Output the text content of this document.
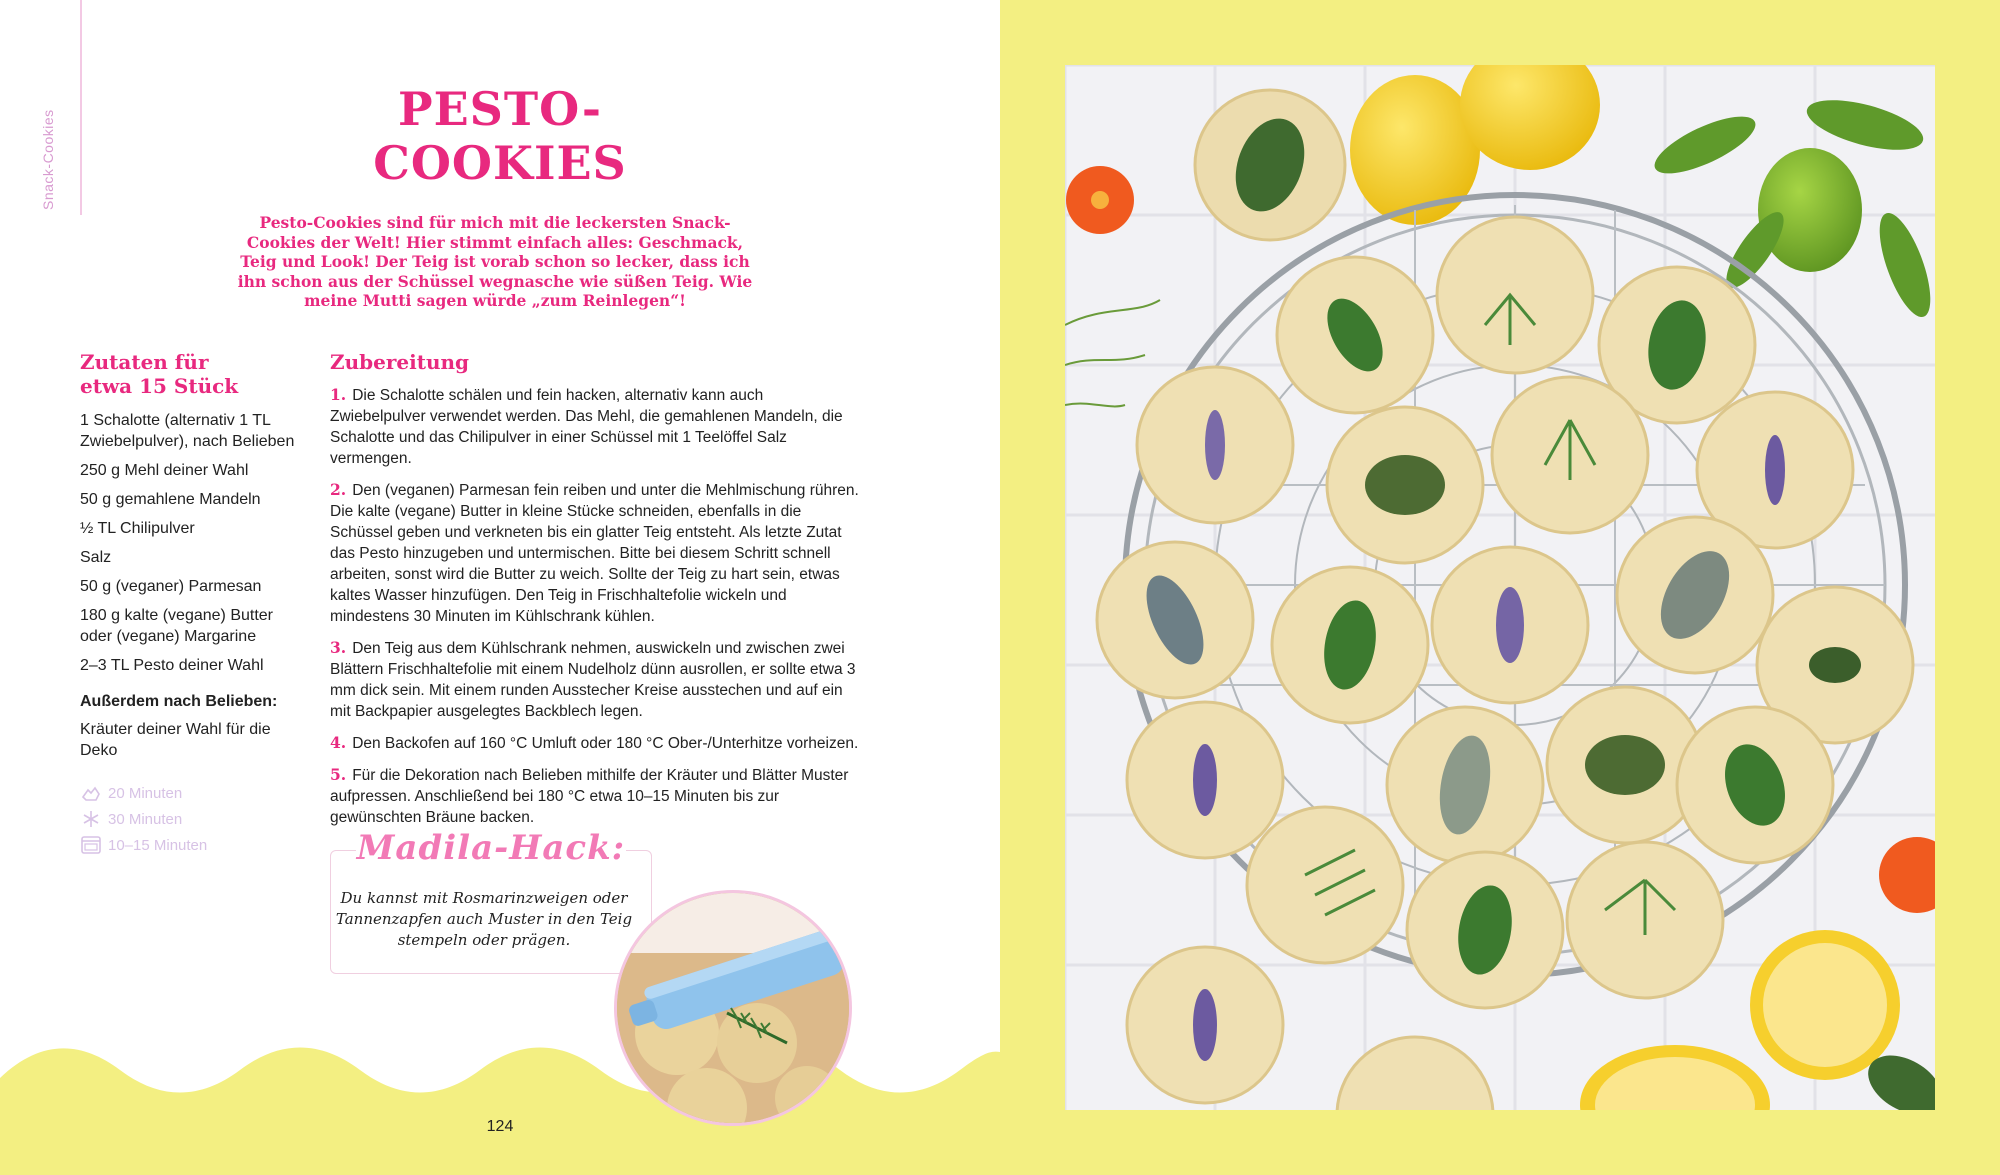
Snack-Cookies
PESTO-
COOKIES
Pesto-Cookies sind für mich mit die leckersten Snack-Cookies der Welt! Hier stimmt einfach alles: Geschmack, Teig und Look! Der Teig ist vorab schon so lecker, dass ich ihn schon aus der Schüssel wegnasche wie süßen Teig. Wie meine Mutti sagen würde „zum Reinlegen“!
Zutaten für
etwa 15 Stück
1 Schalotte (alternativ 1 TL Zwiebelpulver), nach Belieben
250 g Mehl deiner Wahl
50 g gemahlene Mandeln
½ TL Chilipulver
Salz
50 g (veganer) Parmesan
180 g kalte (vegane) Butter oder (vegane) Margarine
2–3 TL Pesto deiner Wahl
Außerdem nach Belieben:
Kräuter deiner Wahl für die Deko
20 Minuten
30 Minuten
10–15 Minuten
Zubereitung
1. Die Schalotte schälen und fein hacken, alternativ kann auch Zwiebelpulver verwendet werden. Das Mehl, die gemahlenen Mandeln, die Schalotte und das Chilipulver in einer Schüssel mit 1 Teelöffel Salz vermengen.
2. Den (veganen) Parmesan fein reiben und unter die Mehlmischung rühren. Die kalte (vegane) Butter in kleine Stücke schneiden, ebenfalls in die Schüssel geben und verkneten bis ein glatter Teig entsteht. Als letzte Zutat das Pesto hinzugeben und untermischen. Bitte bei diesem Schritt schnell arbeiten, sonst wird die Butter zu weich. Sollte der Teig zu hart sein, etwas kaltes Wasser hinzufügen. Den Teig in Frischhaltefolie wickeln und mindestens 30 Minuten im Kühlschrank kühlen.
3. Den Teig aus dem Kühlschrank nehmen, auswickeln und zwischen zwei Blättern Frischhaltefolie mit einem Nudelholz dünn ausrollen, er sollte etwa 3 mm dick sein. Mit einem runden Ausstecher Kreise ausstechen und auf ein mit Backpapier ausgelegtes Backblech legen.
4. Den Backofen auf 160 °C Umluft oder 180 °C Ober-/Unterhitze vorheizen.
5. Für die Dekoration nach Belieben mithilfe der Kräuter und Blätter Muster aufpressen. Anschließend bei 180 °C etwa 10–15 Minuten bis zur gewünschten Bräune backen.
Madila-Hack:
Du kannst mit Rosmarinzweigen oder Tannenzapfen auch Muster in den Teig stempeln oder prägen.
124
